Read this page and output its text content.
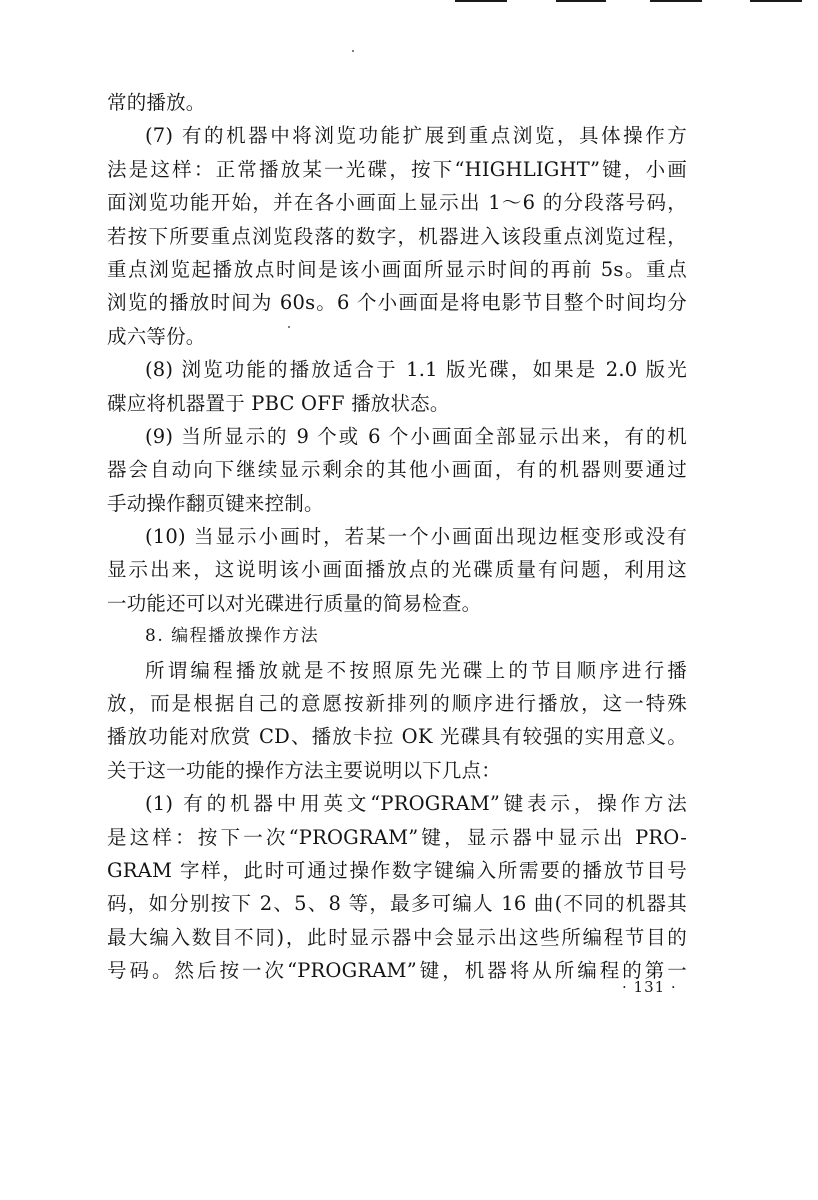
常的播放。
(7) 有的机器中将浏览功能扩展到重点浏览，具体操作方
法是这样：正常播放某一光碟，按下“HIGHLIGHT”键，小画
面浏览功能开始，并在各小画面上显示出 1～6 的分段落号码，
若按下所要重点浏览段落的数字，机器进入该段重点浏览过程，
重点浏览起播放点时间是该小画面所显示时间的再前 5s。重点
浏览的播放时间为 60s。6 个小画面是将电影节目整个时间均分
成六等份。
(8) 浏览功能的播放适合于 1.1 版光碟，如果是 2.0 版光
碟应将机器置于 PBC OFF 播放状态。
(9) 当所显示的 9 个或 6 个小画面全部显示出来，有的机
器会自动向下继续显示剩余的其他小画面，有的机器则要通过
手动操作翻页键来控制。
(10) 当显示小画时，若某一个小画面出现边框变形或没有
显示出来，这说明该小画面播放点的光碟质量有问题，利用这
一功能还可以对光碟进行质量的简易检查。
8. 编程播放操作方法
所谓编程播放就是不按照原先光碟上的节目顺序进行播
放，而是根据自己的意愿按新排列的顺序进行播放，这一特殊
播放功能对欣赏 CD、播放卡拉 OK 光碟具有较强的实用意义。
关于这一功能的操作方法主要说明以下几点：
(1) 有的机器中用英文“PROGRAM”键表示，操作方法
是这样：按下一次“PROGRAM”键，显示器中显示出 PRO-
GRAM 字样，此时可通过操作数字键编入所需要的播放节目号
码，如分别按下 2、5、8 等，最多可编人 16 曲(不同的机器其
最大编入数目不同)，此时显示器中会显示出这些所编程节目的
号码。然后按一次“PROGRAM”键，机器将从所编程的第一
· 131 ·
